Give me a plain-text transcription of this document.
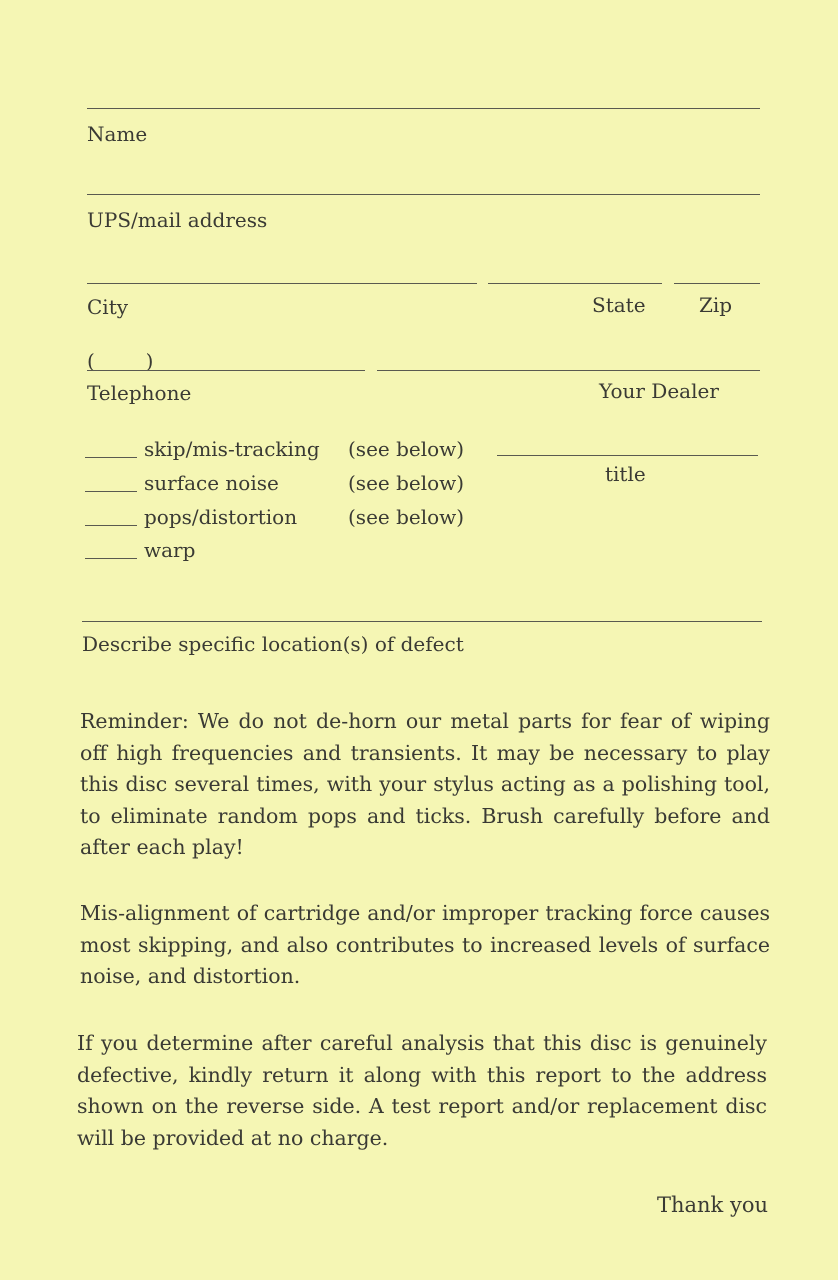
Name
UPS/mail address
City	State	Zip
(        )
Telephone	Your Dealer
skip/mis-tracking (see below)
surface noise	(see below)
pops/distortion	(see below)
warp
title
Describe specific location(s) of defect

Reminder: We do not de-horn our metal parts for fear of wiping off high frequencies and transients. It may be necessary to play this disc several times, with your stylus acting as a polishing tool, to eliminate random pops and ticks. Brush carefully before and after each play!

Mis-alignment of cartridge and/or improper tracking force causes most skipping, and also contributes to increased levels of surface noise, and distortion.

If you determine after careful analysis that this disc is genuinely defective, kindly return it along with this report to the address shown on the reverse side. A test report and/or replacement disc will be provided at no charge.

Thank you
